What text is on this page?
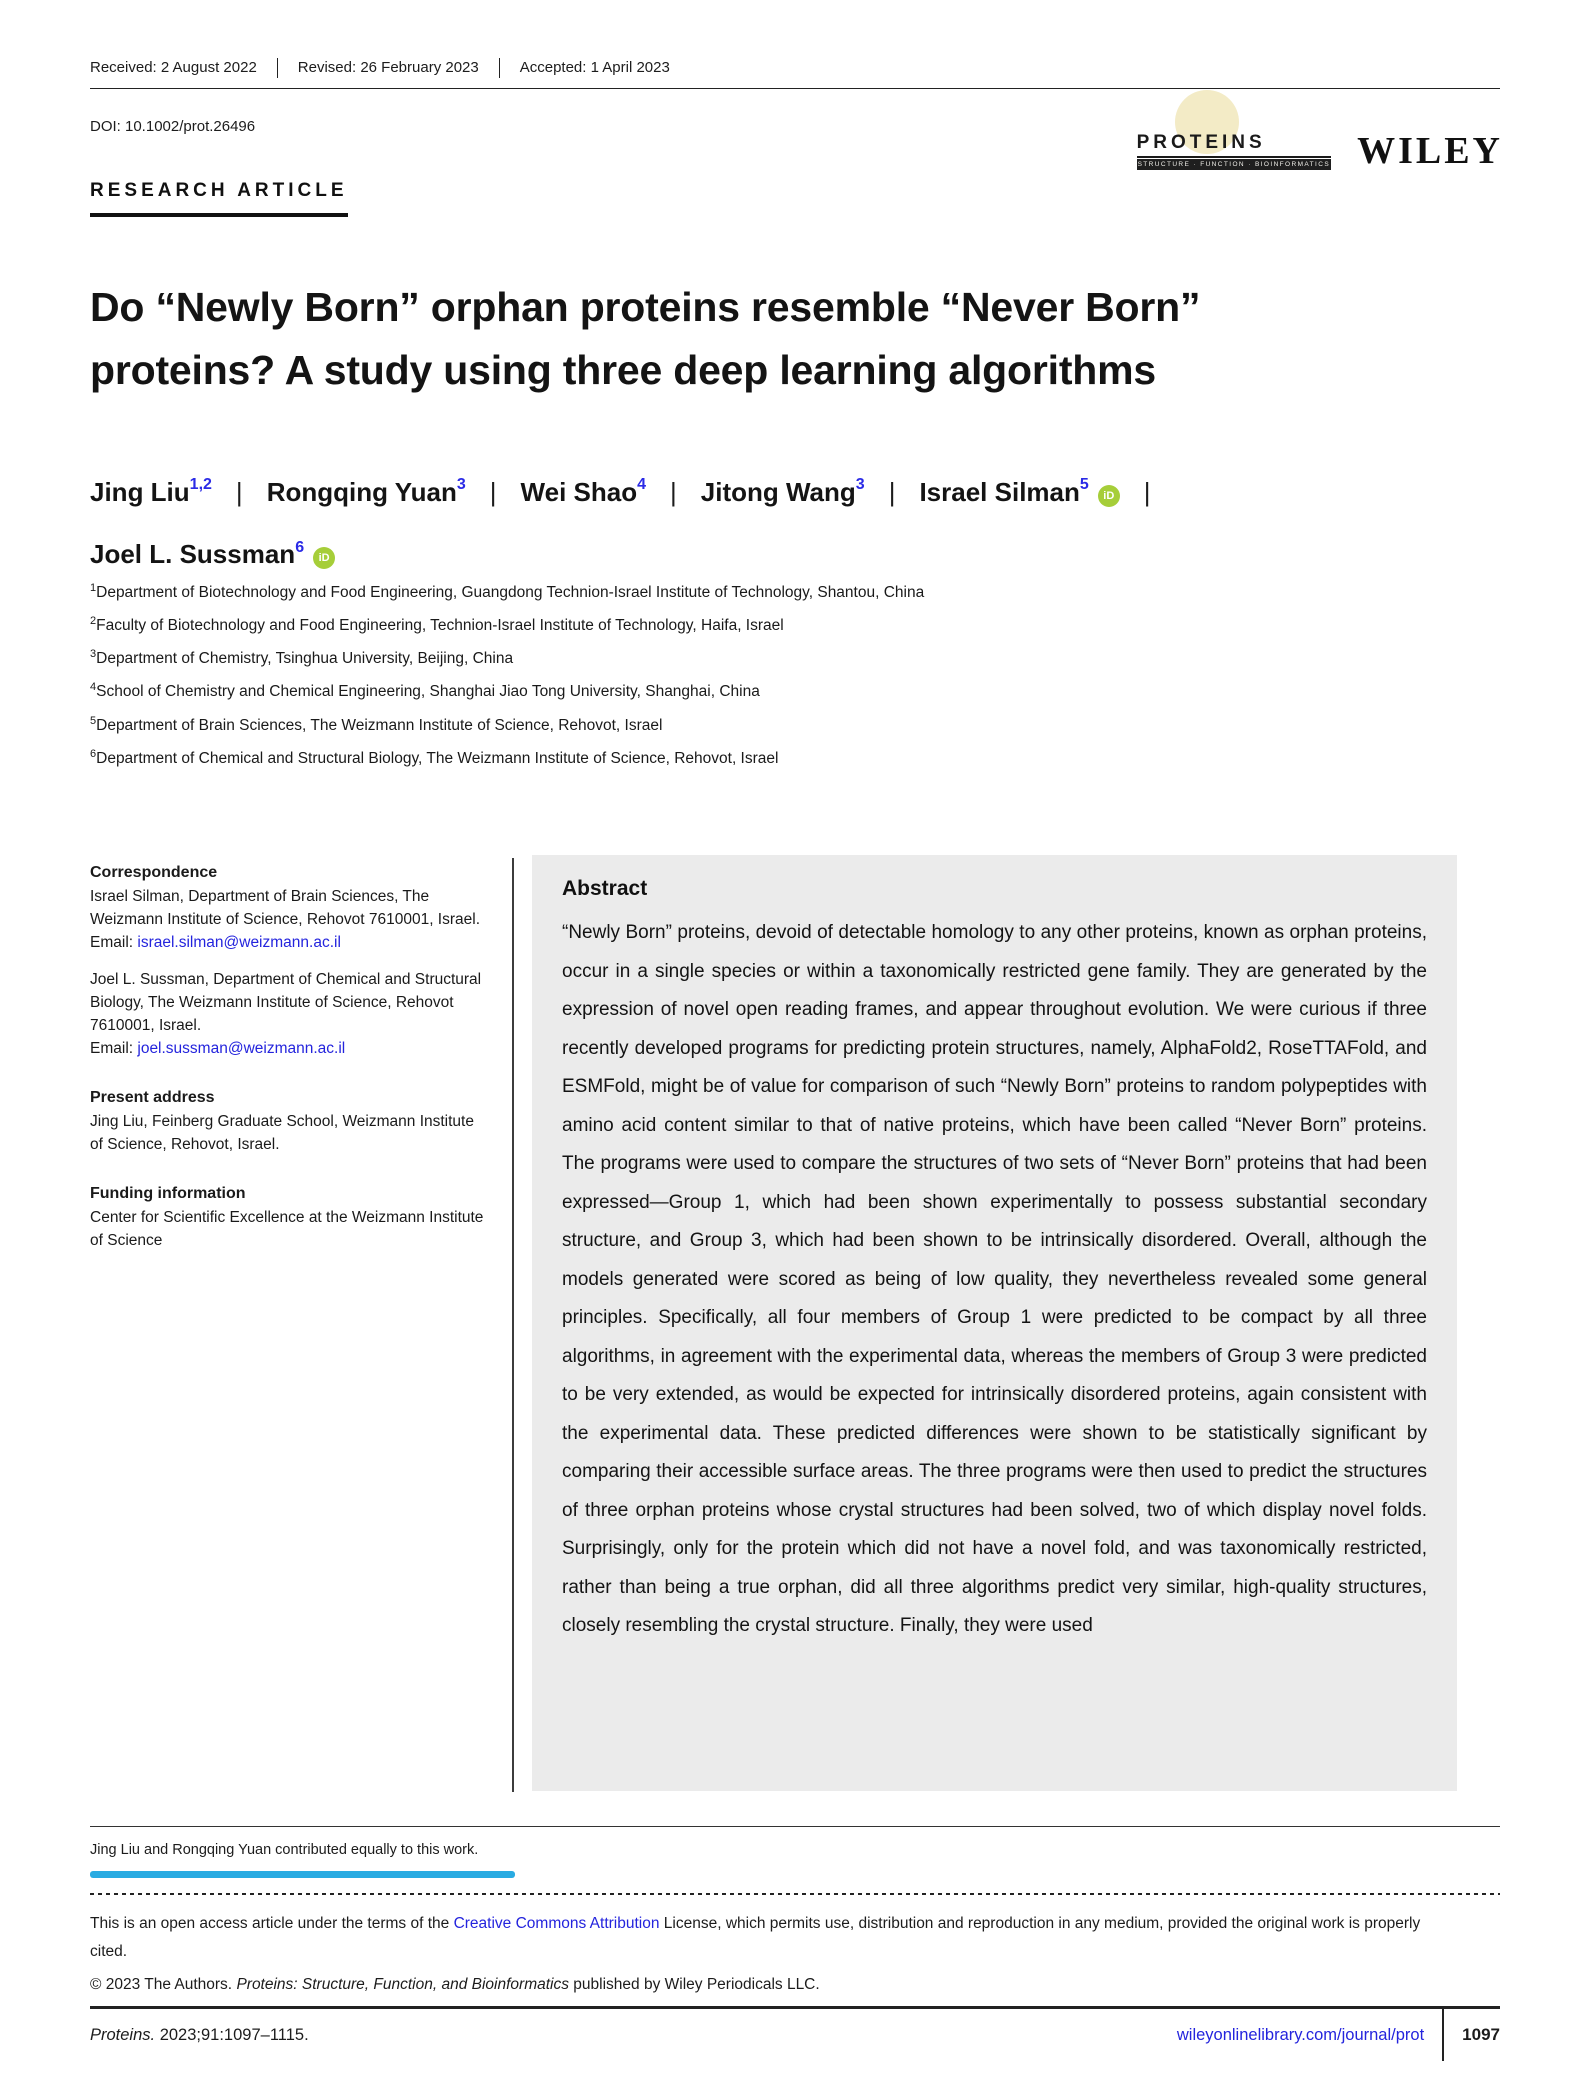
Received: 2 August 2022	Revised: 26 February 2023	Accepted: 1 April 2023
DOI: 10.1002/prot.26496
PROTEINS
STRUCTURE · FUNCTION · BIOINFORMATICS WILEY
RESEARCH ARTICLE
Do “Newly Born” orphan proteins resemble “Never Born”
proteins? A study using three deep learning algorithms
Jing Liu$^{1,2}$ | Rongqing Yuan$^3$ | Wei Shao$^4$ | Jitong Wang$^3$ | Israel Silman$^5$iD |
Joel L. Sussman$^6$iD
$^1$Department of Biotechnology and Food Engineering, Guangdong Technion-Israel Institute of Technology, Shantou, China
$^2$Faculty of Biotechnology and Food Engineering, Technion-Israel Institute of Technology, Haifa, Israel
$^3$Department of Chemistry, Tsinghua University, Beijing, China
$^4$School of Chemistry and Chemical Engineering, Shanghai Jiao Tong University, Shanghai, China
$^5$Department of Brain Sciences, The Weizmann Institute of Science, Rehovot, Israel
$^6$Department of Chemical and Structural Biology, The Weizmann Institute of Science, Rehovot, Israel
Correspondence

Israel Silman, Department of Brain Sciences, The Weizmann Institute of Science, Rehovot 7610001, Israel.
Email: israel.silman@weizmann.ac.il

Joel L. Sussman, Department of Chemical and Structural Biology, The Weizmann Institute of Science, Rehovot 7610001, Israel.
Email: joel.sussman@weizmann.ac.il

Present address

Jing Liu, Feinberg Graduate School, Weizmann Institute of Science, Rehovot, Israel.

Funding information

Center for Scientific Excellence at the Weizmann Institute of Science

Abstract
“Newly Born” proteins, devoid of detectable homology to any other proteins, known as orphan proteins, occur in a single species or within a taxonomically restricted gene family. They are generated by the expression of novel open reading frames, and appear throughout evolution. We were curious if three recently developed programs for predicting protein structures, namely, AlphaFold2, RoseTTAFold, and ESMFold, might be of value for comparison of such “Newly Born” proteins to random polypeptides with amino acid content similar to that of native proteins, which have been called “Never Born” proteins. The programs were used to compare the structures of two sets of “Never Born” proteins that had been expressed—Group 1, which had been shown experimentally to possess substantial secondary structure, and Group 3, which had been shown to be intrinsically disordered. Overall, although the models generated were scored as being of low quality, they nevertheless revealed some general principles. Specifically, all four members of Group 1 were predicted to be compact by all three algorithms, in agreement with the experimental data, whereas the members of Group 3 were predicted to be very extended, as would be expected for intrinsically disordered proteins, again consistent with the experimental data. These predicted differences were shown to be statistically significant by comparing their accessible surface areas. The three programs were then used to predict the structures of three orphan proteins whose crystal structures had been solved, two of which display novel folds. Surprisingly, only for the protein which did not have a novel fold, and was taxonomically restricted, rather than being a true orphan, did all three algorithms predict very similar, high-quality structures, closely resembling the crystal structure. Finally, they were used
Jing Liu and Rongqing Yuan contributed equally to this work.

This is an open access article under the terms of the Creative Commons Attribution License, which permits use, distribution and reproduction in any medium, provided the original work is properly cited.

© 2023 The Authors. Proteins: Structure, Function, and Bioinformatics published by Wiley Periodicals LLC.

Proteins. 2023;91:1097–1115.	wileyonlinelibrary.com/journal/prot 1097
